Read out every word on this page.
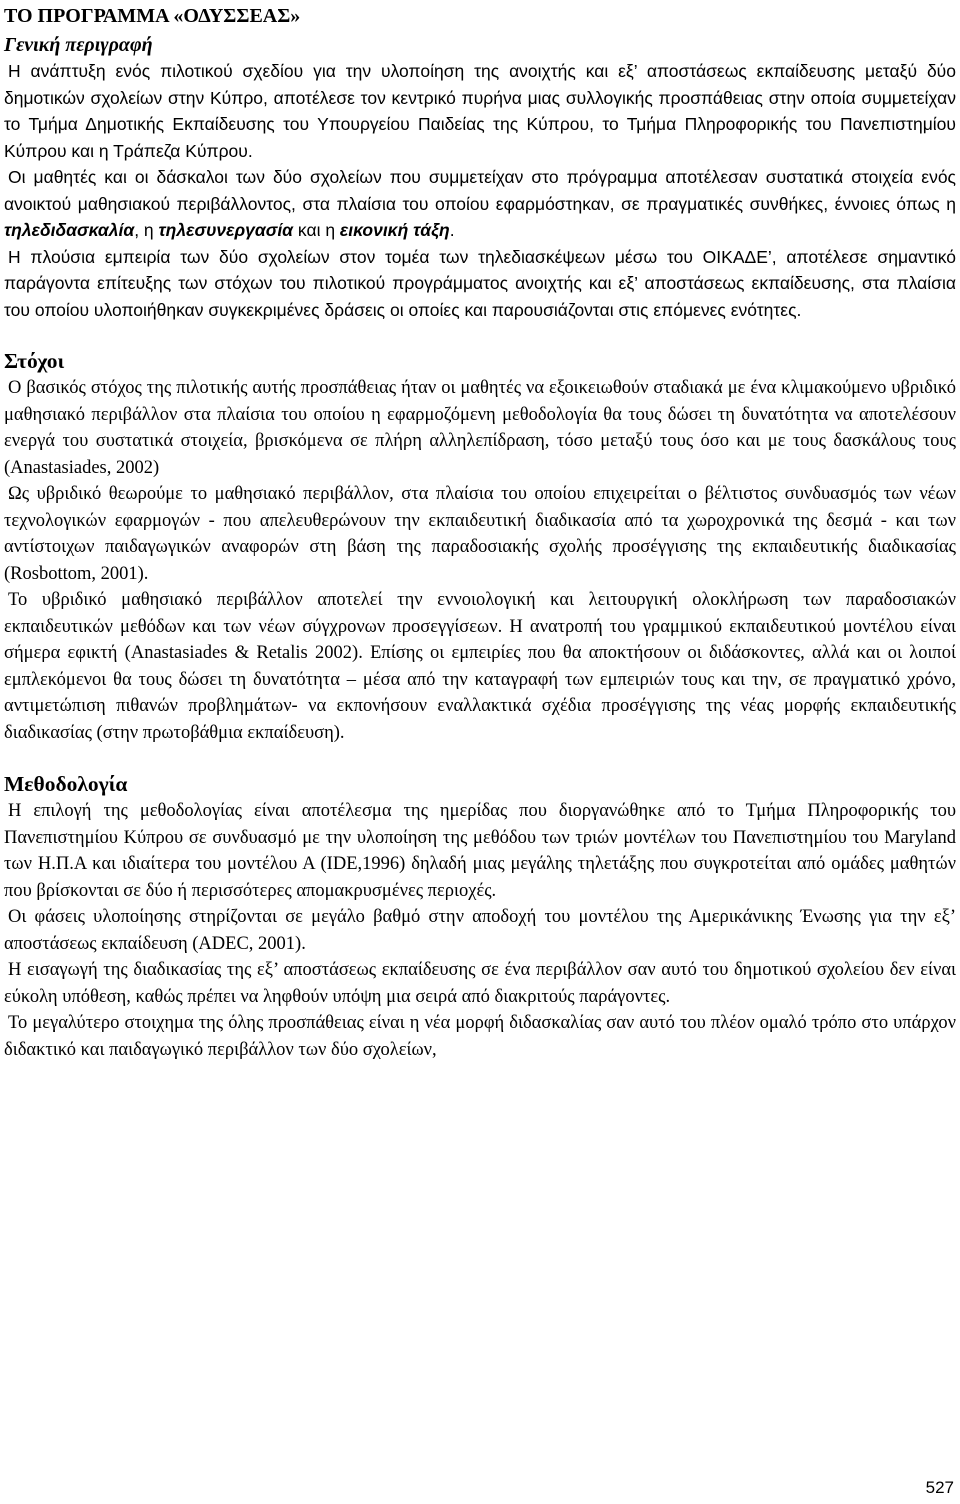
ΤΟ ΠΡΟΓΡΑΜΜΑ «ΟΔΥΣΣΕΑΣ»
Γενική περιγραφή

Η ανάπτυξη ενός πιλοτικού σχεδίου για την υλοποίηση της ανοιχτής και εξ’ αποστάσεως εκπαίδευσης μεταξύ δύο δημοτικών σχολείων στην Κύπρο, αποτέλεσε τον κεντρικό πυρήνα μιας συλλογικής προσπάθειας στην οποία συμμετείχαν το Τμήμα Δημοτικής Εκπαίδευσης του Υπουργείου Παιδείας της Κύπρου, το Τμήμα Πληροφορικής του Πανεπιστημίου Κύπρου και η Τράπεζα Κύπρου.

Οι μαθητές και οι δάσκαλοι των δύο σχολείων που συμμετείχαν στο πρόγραμμα αποτέλεσαν συστατικά στοιχεία ενός ανοικτού μαθησιακού περιβάλλοντος, στα πλαίσια του οποίου εφαρμόστηκαν, σε πραγματικές συνθήκες, έννοιες όπως η τηλεδιδασκαλία, η τηλεσυνεργασία και η εικονική τάξη.

Η πλούσια εμπειρία των δύο σχολείων στον τομέα των τηλεδιασκέψεων μέσω του ΟΙΚΑΔΕ’, αποτέλεσε σημαντικό παράγοντα επίτευξης των στόχων του πιλοτικού προγράμματος ανοιχτής και εξ’ αποστάσεως εκπαίδευσης, στα πλαίσια του οποίου υλοποιήθηκαν συγκεκριμένες δράσεις οι οποίες και παρουσιάζονται στις επόμενες ενότητες.

Στόχοι

Ο βασικός στόχος της πιλοτικής αυτής προσπάθειας ήταν οι μαθητές να εξοικειωθούν σταδιακά με ένα κλιμακούμενο υβριδικό μαθησιακό περιβάλλον στα πλαίσια του οποίου η εφαρμοζόμενη μεθοδολογία θα τους δώσει τη δυνατότητα να αποτελέσουν ενεργά του συστατικά στοιχεία, βρισκόμενα σε πλήρη αλληλεπίδραση, τόσο μεταξύ τους όσο και με τους δασκάλους τους (Anastasiades, 2002)

Ως υβριδικό θεωρούμε το μαθησιακό περιβάλλον, στα πλαίσια του οποίου επιχειρείται ο βέλτιστος συνδυασμός των νέων τεχνολογικών εφαρμογών - που απελευθερώνουν την εκπαιδευτική διαδικασία από τα χωροχρονικά της δεσμά - και των αντίστοιχων παιδαγωγικών αναφορών στη βάση της παραδοσιακής σχολής προσέγγισης της εκπαιδευτικής διαδικασίας (Rosbottom, 2001).

Το υβριδικό μαθησιακό περιβάλλον αποτελεί την εννοιολογική και λειτουργική ολοκλήρωση των παραδοσιακών εκπαιδευτικών μεθόδων και των νέων σύγχρονων προσεγγίσεων. Η ανατροπή του γραμμικού εκπαιδευτικού μοντέλου είναι σήμερα εφικτή (Anastasiades & Retalis 2002). Επίσης οι εμπειρίες που θα αποκτήσουν οι διδάσκοντες, αλλά και οι λοιποί εμπλεκόμενοι θα τους δώσει τη δυνατότητα – μέσα από την καταγραφή των εμπειριών τους και την, σε πραγματικό χρόνο, αντιμετώπιση πιθανών προβλημάτων- να εκπονήσουν εναλλακτικά σχέδια προσέγγισης της νέας μορφής εκπαιδευτικής διαδικασίας (στην πρωτοβάθμια εκπαίδευση).

Μεθοδολογία

Η επιλογή της μεθοδολογίας είναι αποτέλεσμα της ημερίδας που διοργανώθηκε από το Τμήμα Πληροφορικής του Πανεπιστημίου Κύπρου σε συνδυασμό με την υλοποίηση της μεθόδου των τριών μοντέλων του Πανεπιστημίου του Maryland των Η.Π.Α και ιδιαίτερα του μοντέλου Α (IDE,1996) δηλαδή μιας μεγάλης τηλετάξης που συγκροτείται από ομάδες μαθητών που βρίσκονται σε δύο ή περισσότερες απομακρυσμένες περιοχές.

Οι φάσεις υλοποίησης στηρίζονται σε μεγάλο βαθμό στην αποδοχή του μοντέλου της Αμερικάνικης Ένωσης για την εξ’ αποστάσεως εκπαίδευση (ADEC, 2001).

Η εισαγωγή της διαδικασίας της εξ’ αποστάσεως εκπαίδευσης σε ένα περιβάλλον σαν αυτό του δημοτικού σχολείου δεν είναι εύκολη υπόθεση, καθώς πρέπει να ληφθούν υπόψη μια σειρά από διακριτούς παράγοντες.

Το μεγαλύτερο στοιχημα της όλης προσπάθειας είναι η νέα μορφή διδασκαλίας σαν αυτό του πλέον ομαλό τρόπο στο υπάρχον διδακτικό και παιδαγωγικό περιβάλλον των δύο σχολείων,

527
